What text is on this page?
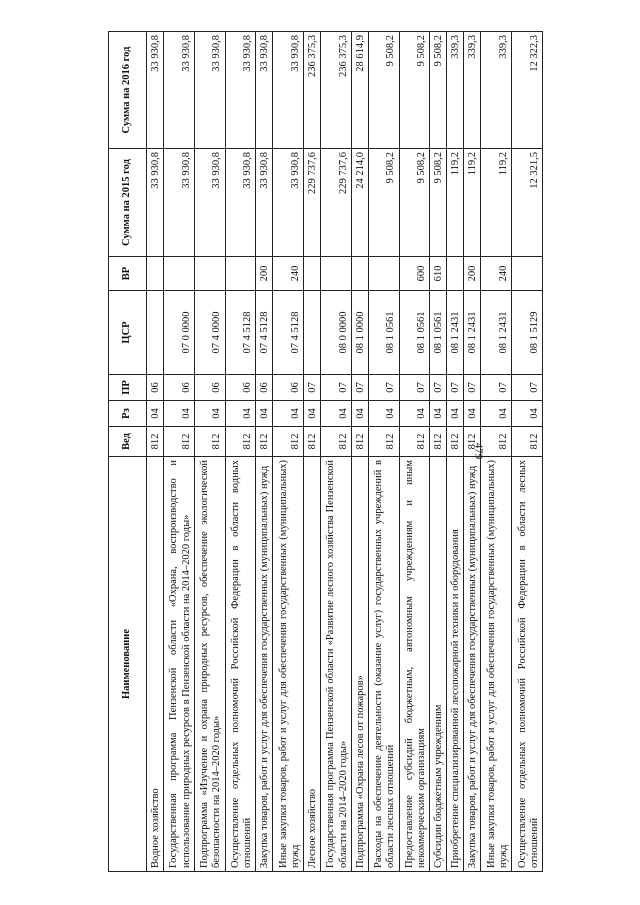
479
Наименование	Вед	Рз	ПР	ЦСР	ВР	Сумма на 2015 год	Сумма на 2016 год
Водное хозяйство	812	04	06			33 930,8	33 930,8
Государственная программа Пензенской области «Охрана, воспроизводство и использование природных ресурсов в Пензенской области на 2014–2020 годы»	812	04	06	07 0 0000		33 930,8	33 930,8
Подпрограмма «Изучение и охрана природных ресурсов, обеспечение экологической безопасности на 2014–2020 годы»	812	04	06	07 4 0000		33 930,8	33 930,8
Осуществление отдельных полномочий Российской Федерации в области водных отношений	812	04	06	07 4 5128		33 930,8	33 930,8
Закупка товаров, работ и услуг для обеспечения государственных (муниципальных) нужд	812	04	06	07 4 5128	200	33 930,8	33 930,8
Иные закупки товаров, работ и услуг для обеспечения государственных (муниципальных) нужд	812	04	06	07 4 5128	240	33 930,8	33 930,8
Лесное хозяйство	812	04	07			229 737,6	236 375,3
Государственная программа Пензенской области «Развитие лесного хозяйства Пензенской области на 2014–2020 годы»	812	04	07	08 0 0000		229 737,6	236 375,3
Подпрограмма «Охрана лесов от пожаров»	812	04	07	08 1 0000		24 214,0	28 614,9
Расходы на обеспечение деятельности (оказание услуг) государственных учреждений в области лесных отношений	812	04	07	08 1 0561		9 508,2	9 508,2
Предоставление субсидий бюджетным, автономным учреждениям и иным некоммерческим организациям	812	04	07	08 1 0561	600	9 508,2	9 508,2
Субсидии бюджетным учреждениям	812	04	07	08 1 0561	610	9 508,2	9 508,2
Приобретение специализированной лесопожарной техники и оборудования	812	04	07	08 1 2431		119,2	339,3
Закупка товаров, работ и услуг для обеспечения государственных (муниципальных) нужд	812	04	07	08 1 2431	200	119,2	339,3
Иные закупки товаров, работ и услуг для обеспечения государственных (муниципальных) нужд	812	04	07	08 1 2431	240	119,2	339,3
Осуществление отдельных полномочий Российской Федерации в области лесных отношений	812	04	07	08 1 5129		12 321,5	12 322,3
